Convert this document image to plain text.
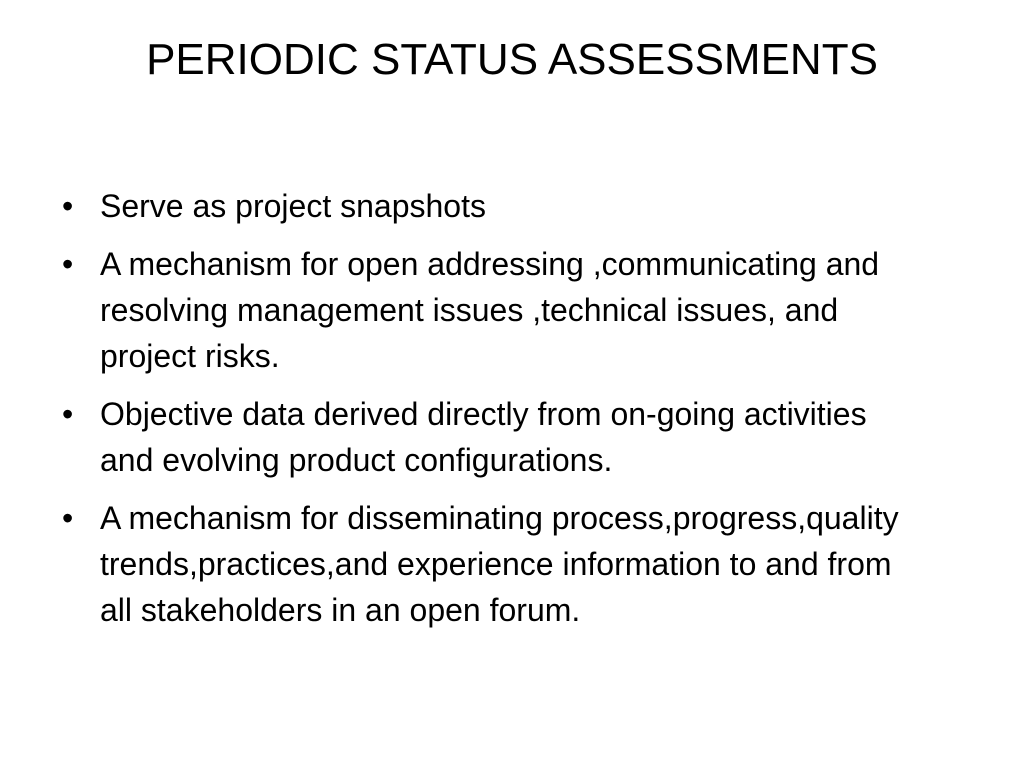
PERIODIC STATUS ASSESSMENTS
• Serve as project snapshots
• A mechanism for open addressing ,communicating and resolving management issues ,technical issues, and project risks.
• Objective data derived directly from on-going activities and evolving product configurations.
• A mechanism for disseminating process,progress,quality trends,practices,and experience information to and from all stakeholders in an open forum.
